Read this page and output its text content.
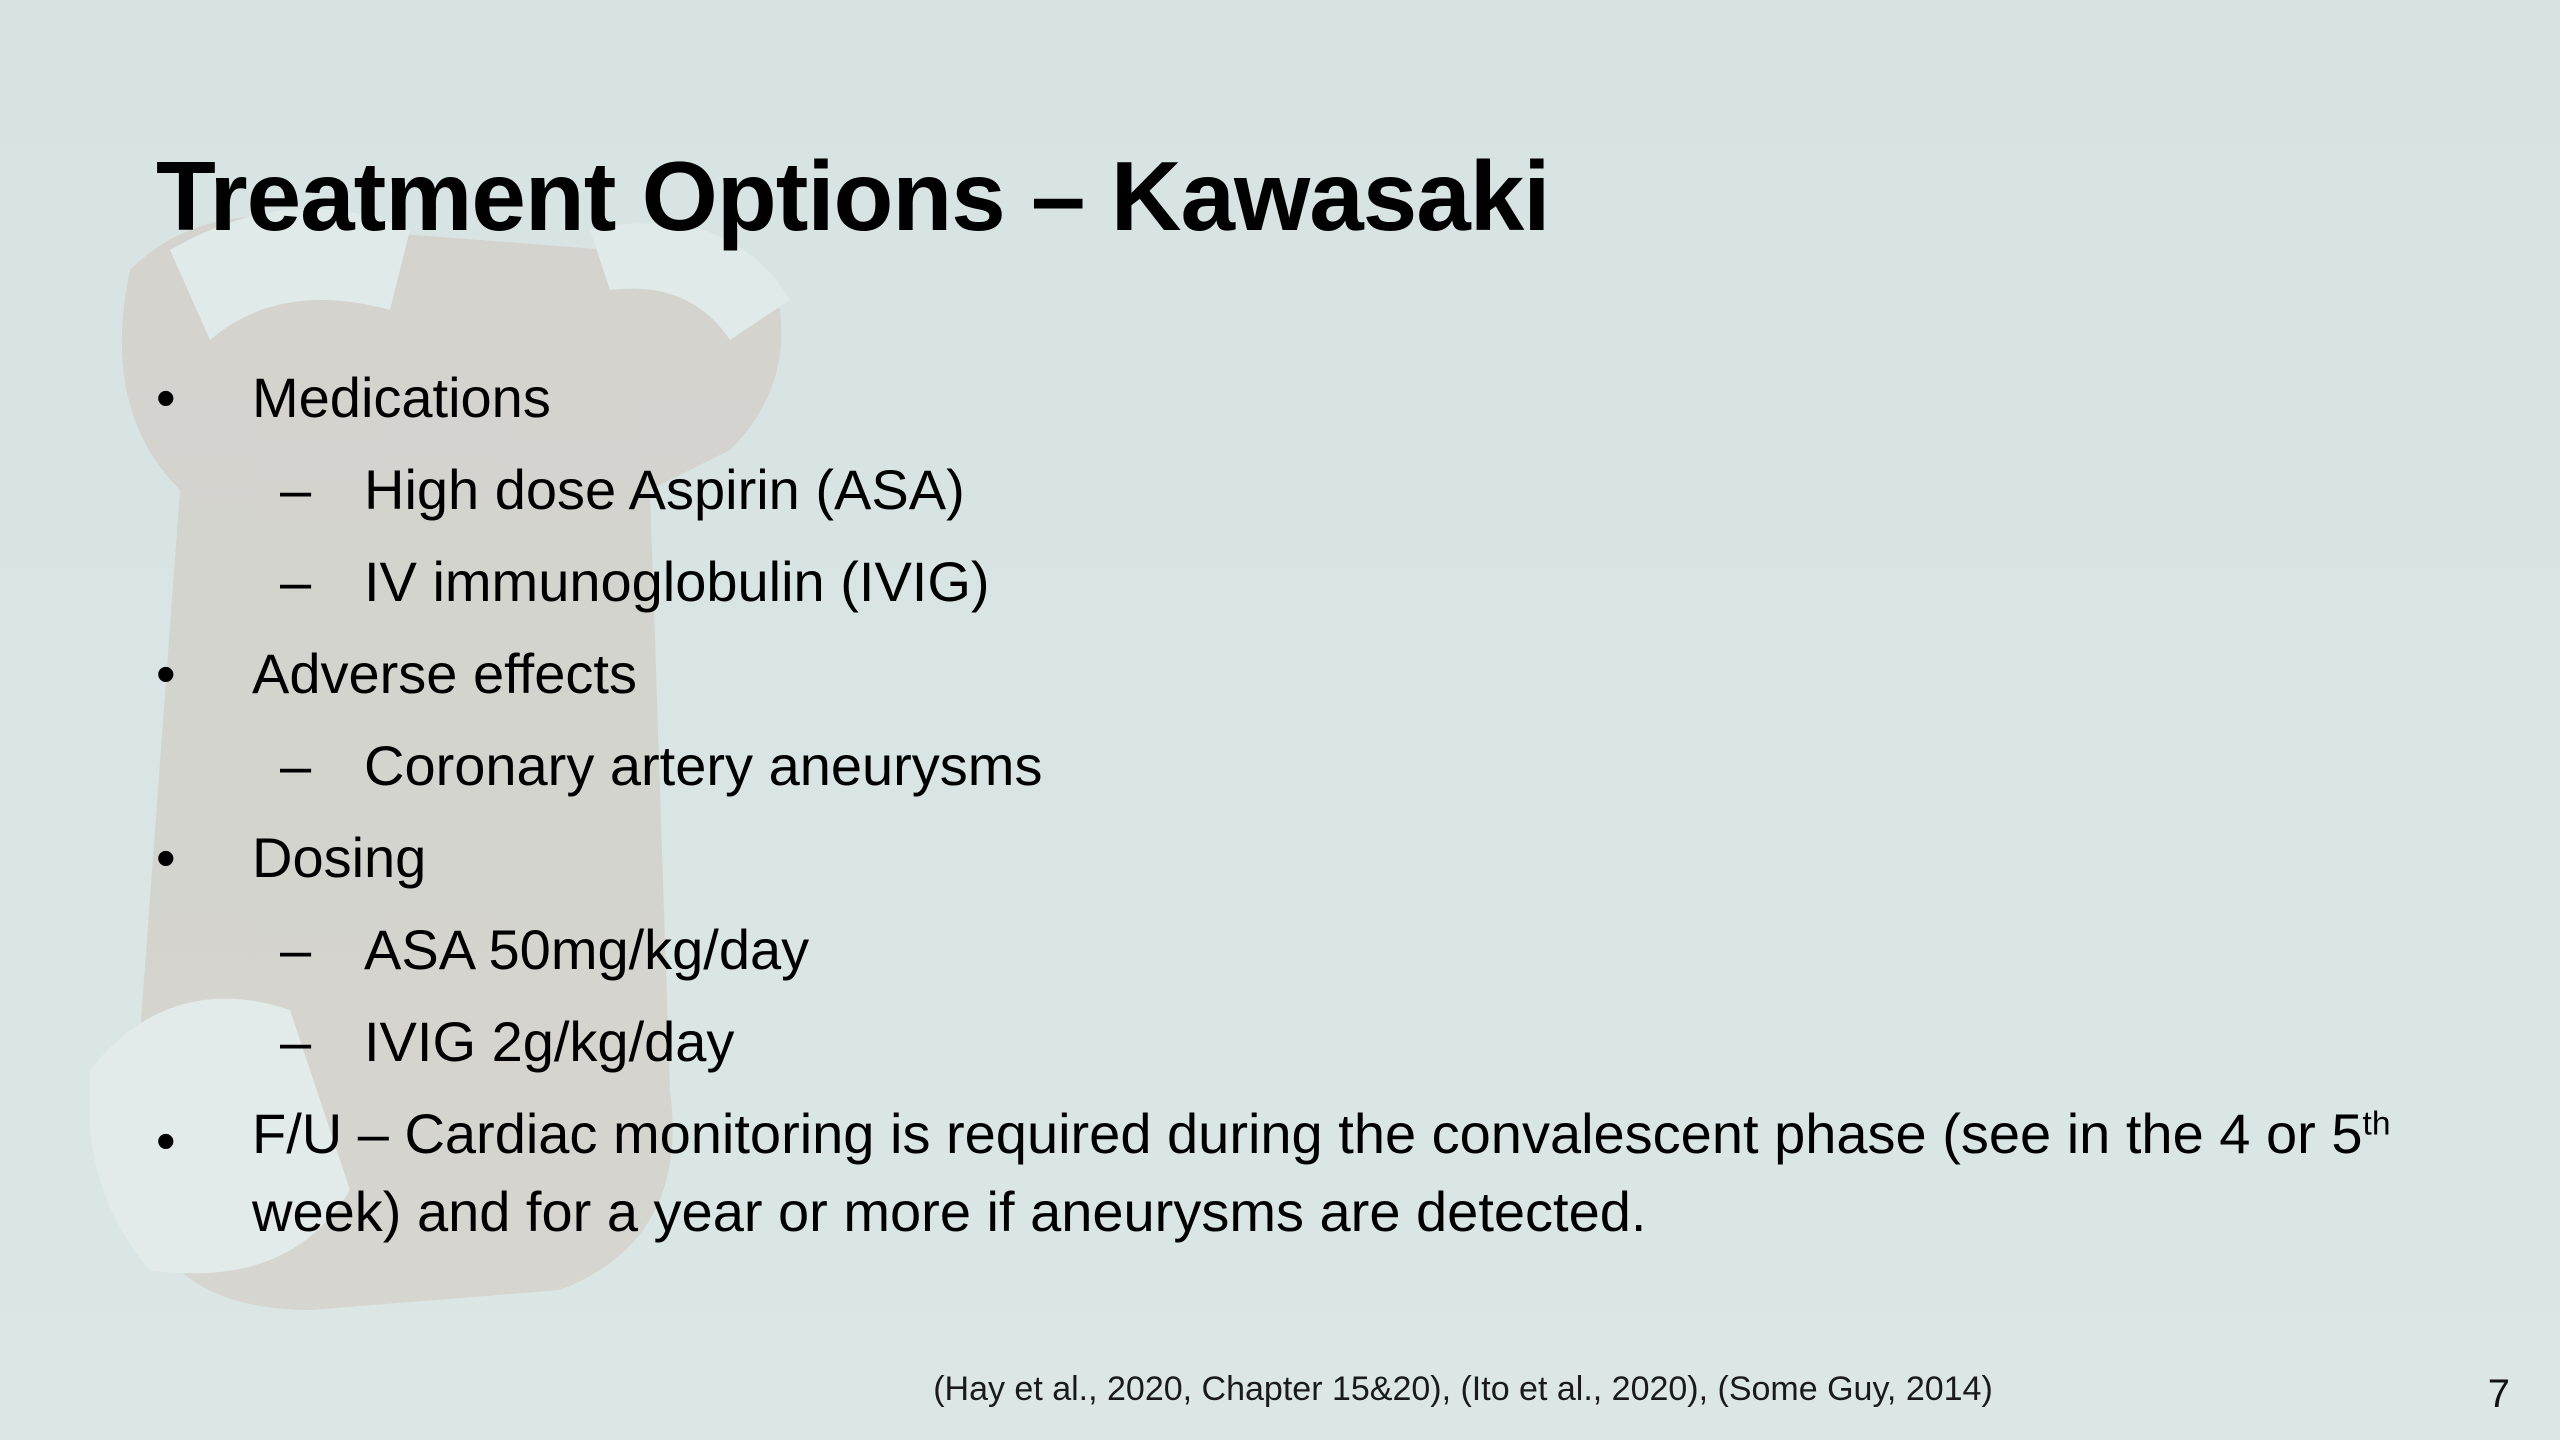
Treatment Options – Kawasaki
• Medications
– High dose Aspirin (ASA)
– IV immunoglobulin (IVIG)
• Adverse effects
– Coronary artery aneurysms
• Dosing
– ASA 50mg/kg/day
– IVIG 2g/kg/day
• F/U – Cardiac monitoring is required during the convalescent phase (see in the 4 or 5th week) and for a year or more if aneurysms are detected.
(Hay et al., 2020, Chapter 15&20), (Ito et al., 2020), (Some Guy, 2014)	7
